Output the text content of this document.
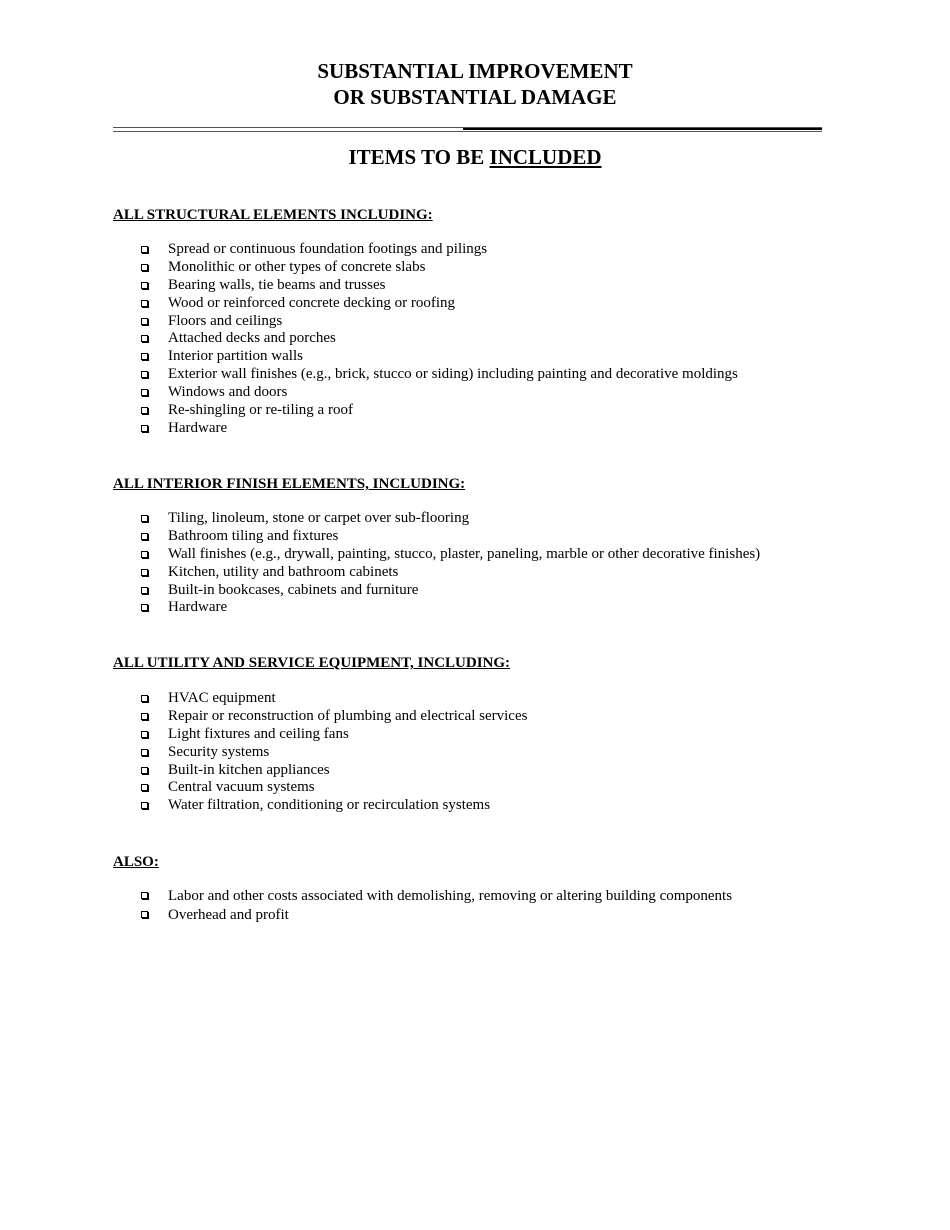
SUBSTANTIAL IMPROVEMENT
OR SUBSTANTIAL DAMAGE
ITEMS TO BE INCLUDED
ALL STRUCTURAL ELEMENTS INCLUDING:
Spread or continuous foundation footings and pilings
Monolithic or other types of concrete slabs
Bearing walls, tie beams and trusses
Wood or reinforced concrete decking or roofing
Floors and ceilings
Attached decks and porches
Interior partition walls
Exterior wall finishes (e.g., brick, stucco or siding) including painting and decorative moldings
Windows and doors
Re-shingling or re-tiling a roof
Hardware
ALL INTERIOR FINISH ELEMENTS, INCLUDING:
Tiling, linoleum, stone or carpet over sub-flooring
Bathroom tiling and fixtures
Wall finishes (e.g., drywall, painting, stucco, plaster, paneling, marble or other decorative finishes)
Kitchen, utility and bathroom cabinets
Built-in bookcases, cabinets and furniture
Hardware
ALL UTILITY AND SERVICE EQUIPMENT, INCLUDING:
HVAC equipment
Repair or reconstruction of plumbing and electrical services
Light fixtures and ceiling fans
Security systems
Built-in kitchen appliances
Central vacuum systems
Water filtration, conditioning or recirculation systems
ALSO:
Labor and other costs associated with demolishing, removing or altering building components
Overhead and profit
